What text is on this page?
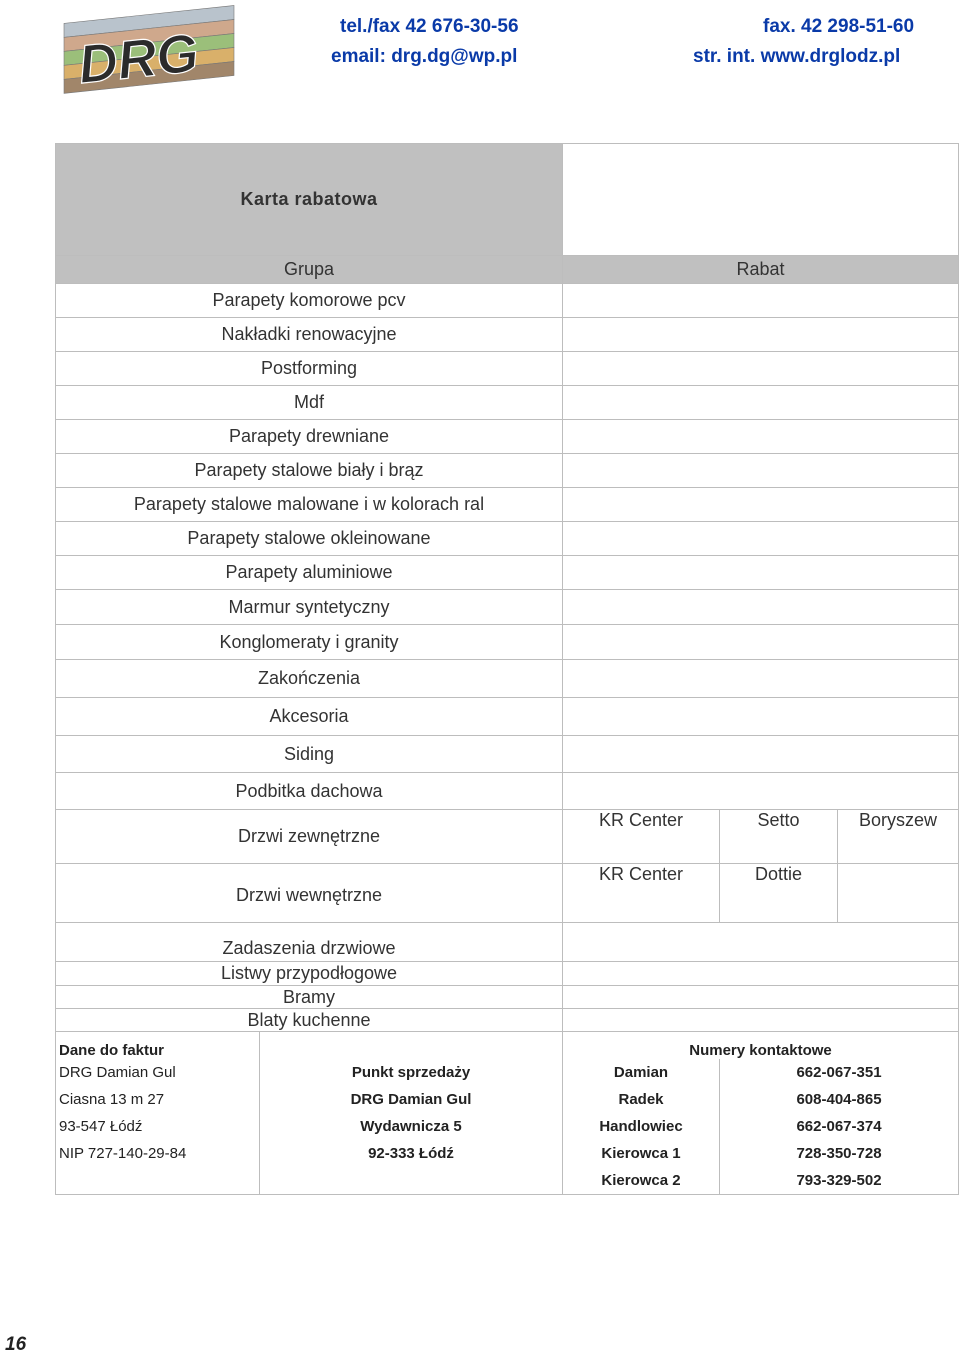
DRG	tel./fax 42 676-30-56	fax. 42 298-51-60
email: drg.dg@wp.pl	str. int. www.drglodz.pl
Karta rabatowa			
Grupa	Rabat		
Parapety komorowe pcv			
Nakładki renowacyjne			
Postforming			
Mdf			
Parapety drewniane			
Parapety stalowe biały i brąz			
Parapety stalowe malowane i w kolorach ral			
Parapety stalowe okleinowane			
Parapety aluminiowe			
Marmur syntetyczny			
Konglomeraty i granity			
Zakończenia			
Akcesoria			
Siding			
Podbitka dachowa			
Drzwi zewnętrzne	KR Center	Setto	Boryszew

Drzwi wewnętrzne	KR Center	Dottie	

Zadaszenia drzwiowe			
Listwy przypodłogowe			
Bramy			
Blaty kuchenne			
Dane do faktur		Numery kontaktowe	
DRG Damian Gul	Punkt sprzedaży	Damian	662-067-351
Ciasna 13 m 27	DRG Damian Gul	Radek	608-404-865
93-547 Łódź	Wydawnicza 5	Handlowiec	662-067-374
NIP 727-140-29-84	92-333 Łódź	Kierowca 1	728-350-728
		Kierowca 2	793-329-502
16
